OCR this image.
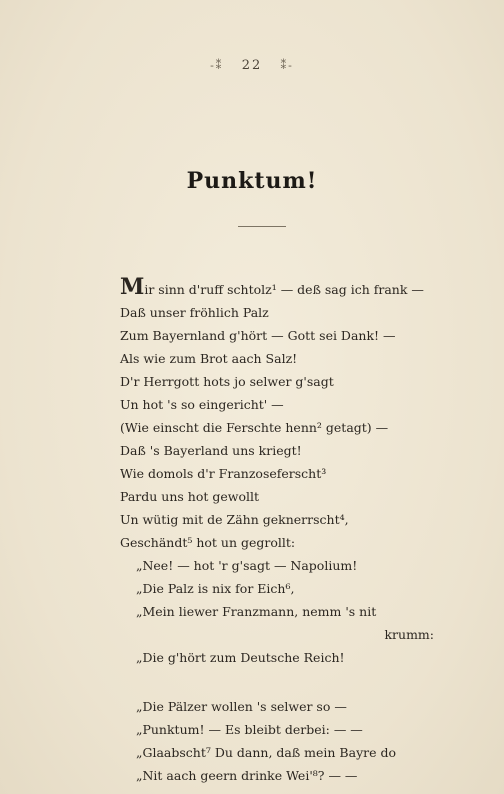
-⁑ 22 ⁑-
Punktum!
Mir sinn d'ruff schtolz¹ — deß sag ich frank —
Daß unser fröhlich Palz
Zum Bayernland g'hört — Gott sei Dank! —
Als wie zum Brot aach Salz!
D'r Herrgott hots jo selwer g'sagt
Un hot 's so eingericht' —
(Wie einscht die Ferschte henn² getagt) —
Daß 's Bayerland uns kriegt!
Wie domols d'r Franzoseferscht³
Pardu uns hot gewollt
Un wütig mit de Zähn geknerrscht⁴,
Geschändt⁵ hot un gegrollt:
„Nee! — hot 'r g'sagt — Napolium!
„Die Palz is nix for Eich⁶,
„Mein liewer Franzmann, nemm 's nit
krumm:
„Die g'hört zum Deutsche Reich!
„Die Pälzer wollen 's selwer so —
„Punktum! — Es bleibt derbei: — —
„Glaabscht⁷ Du dann, daß mein Bayre do
„Nit aach geern drinke Wei'⁸? — —
